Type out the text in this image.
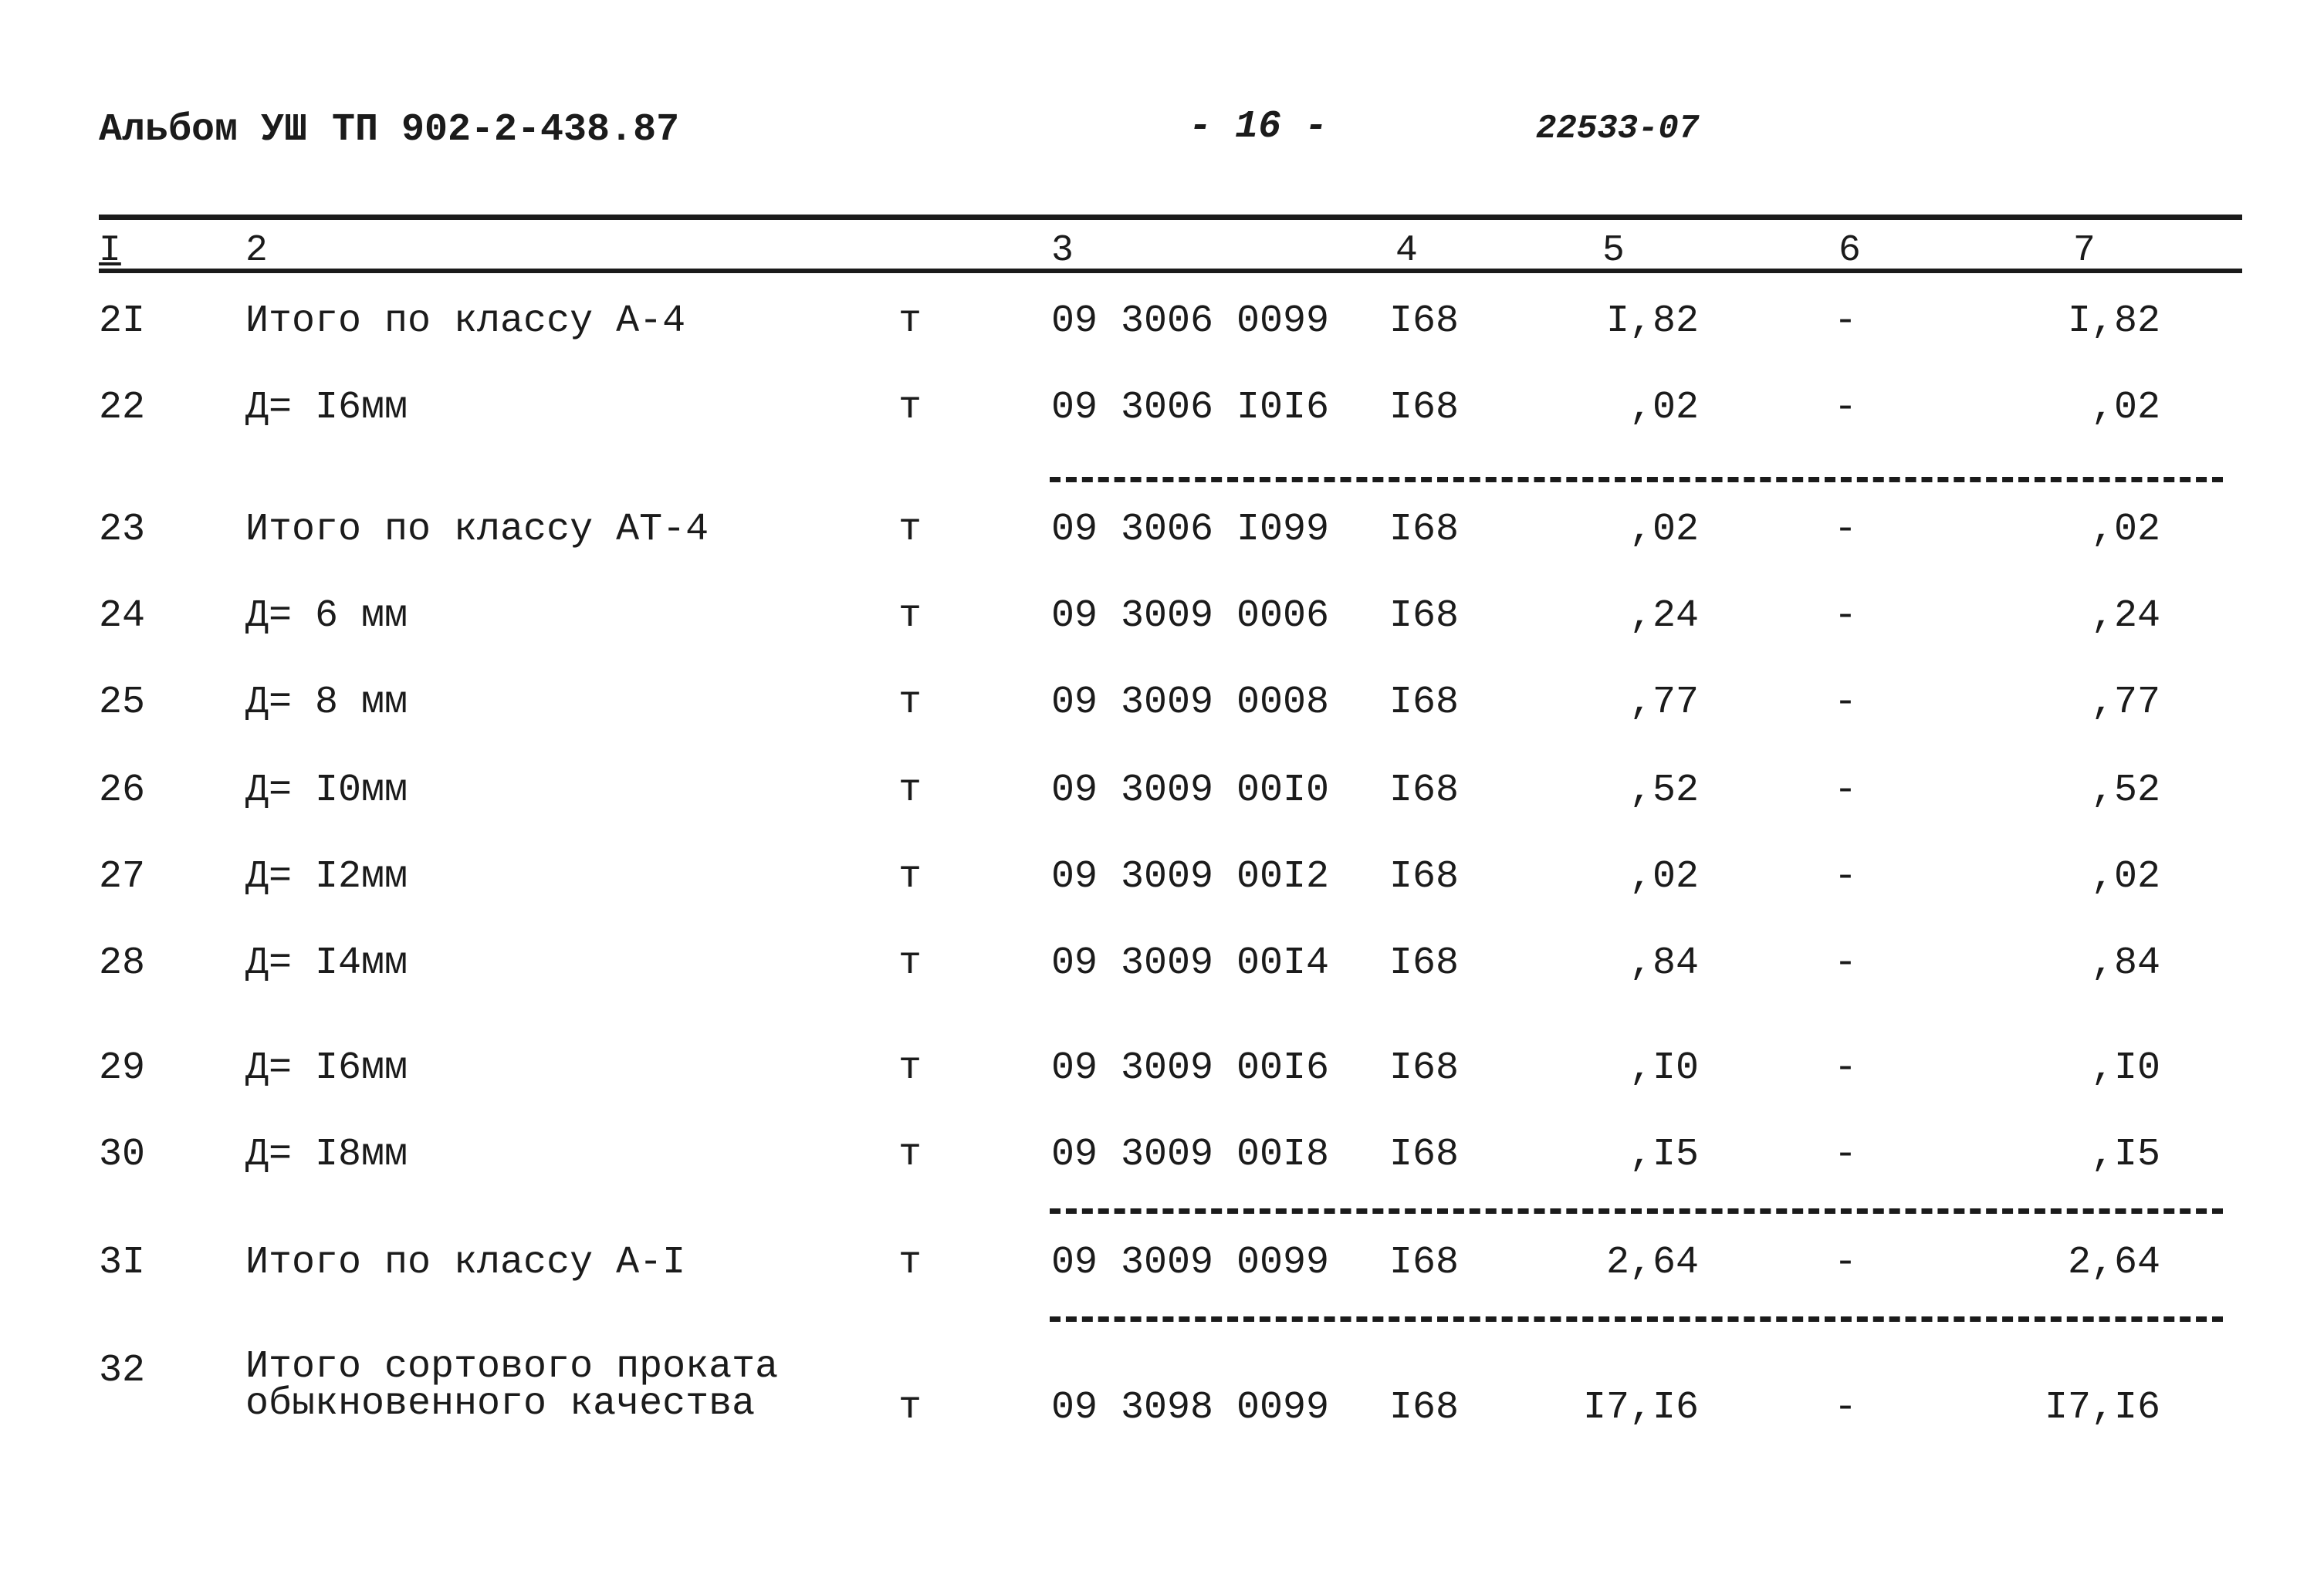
Альбом УШ ТП 902-2-438.87	- 16 -	22533-07
I	2	3	4	5	6	7
2I	Итого по классу А-4	т	09 3006 0099 I68	I,82	-	I,82
22	Д= I6мм	т	09 3006 I0I6 I68	,02	-	,02
23	Итого по классу АТ-4	т	09 3006 I099 I68	,02	-	,02
24	Д= 6 мм	т	09 3009 0006 I68	,24	-	,24
25	Д= 8 мм	т	09 3009 0008 I68	,77	-	,77
26	Д= I0мм	т	09 3009 00I0 I68	,52	-	,52
27	Д= I2мм	т	09 3009 00I2 I68	,02	-	,02
28	Д= I4мм	т	09 3009 00I4 I68	,84	-	,84
29	Д= I6мм	т	09 3009 00I6 I68	,I0	-	,I0
30	Д= I8мм	т	09 3009 00I8 I68	,I5	-	,I5
3I	Итого по классу А-I	т	09 3009 0099 I68	2,64	-	2,64
32	Итого сортового проката
обыкновенного качества	т	09 3098 0099 I68	I7,I6	-	I7,I6
